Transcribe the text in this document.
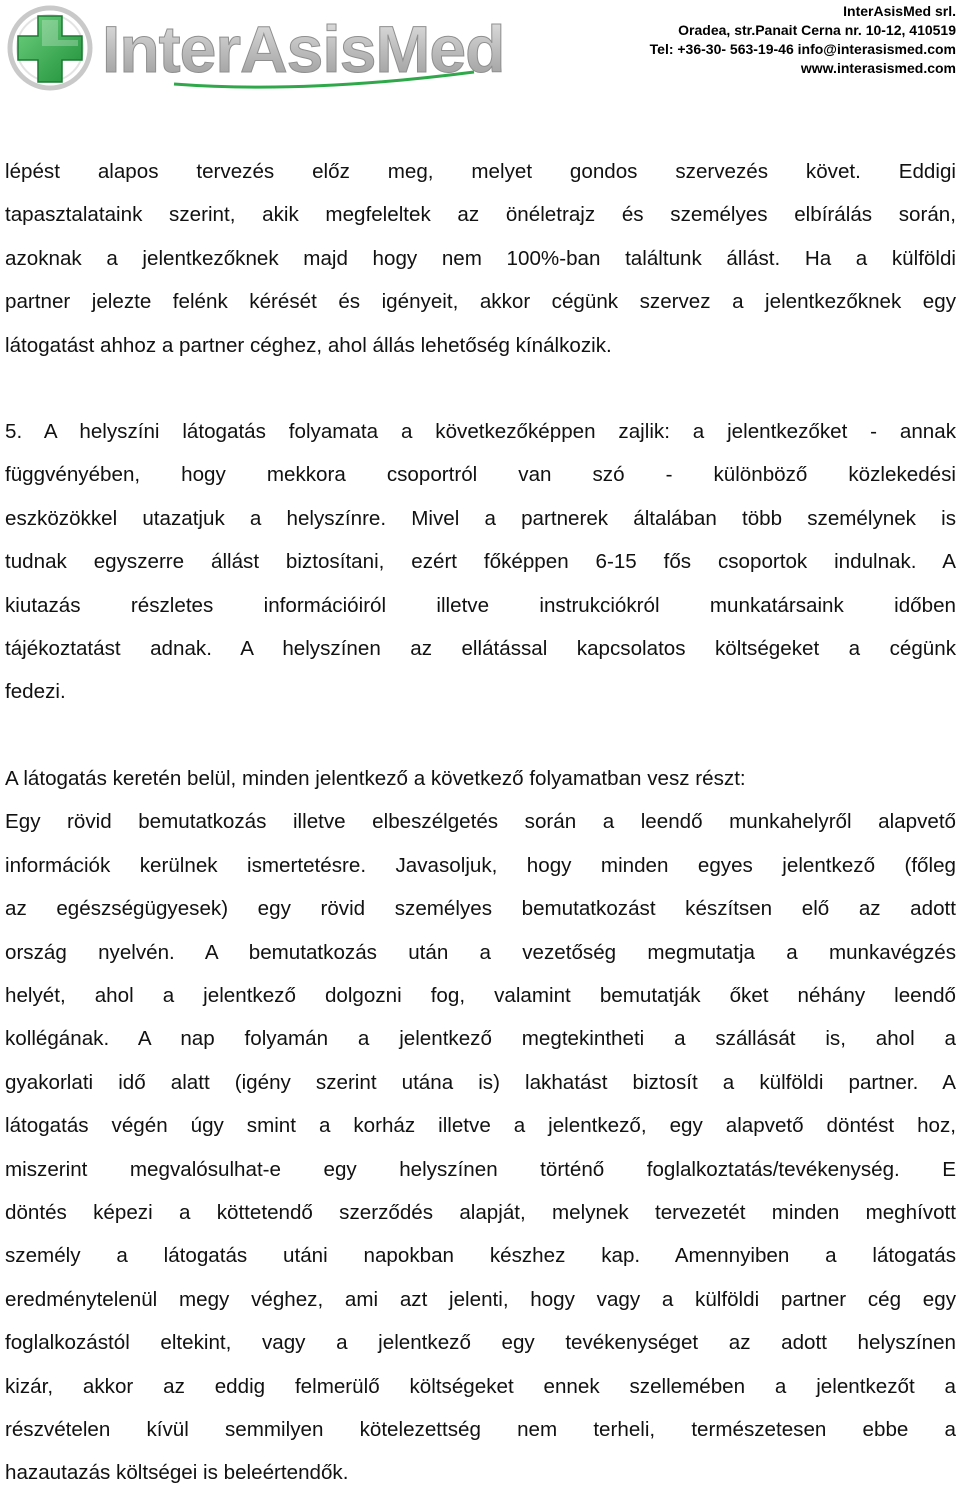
InterAsisMed
InterAsisMed srl.
Oradea, str.Panait Cerna nr. 10-12, 410519
Tel: +36-30- 563-19-46 info@interasismed.com
www.interasismed.com

lépést alapos tervezés előz meg, melyet gondos szervezés követ. Eddigi
tapasztalataink szerint, akik megfeleltek az önéletrajz és személyes elbírálás során,
azoknak a jelentkezőknek majd hogy nem 100%-ban találtunk állást. Ha a külföldi
partner jelezte felénk kérését és igényeit, akkor cégünk szervez a jelentkezőknek egy
látogatást ahhoz a partner céghez, ahol állás lehetőség kínálkozik.

5. A helyszíni látogatás folyamata a következőképpen zajlik: a jelentkezőket - annak
függvényében, hogy mekkora csoportról van szó - különböző közlekedési
eszközökkel utazatjuk a helyszínre. Mivel a partnerek általában több személynek is
tudnak egyszerre állást biztosítani, ezért főképpen 6-15 fős csoportok indulnak. A
kiutazás részletes információiról illetve instrukciókról munkatársaink időben
tájékoztatást adnak. A helyszínen az ellátással kapcsolatos költségeket a cégünk
fedezi.

A látogatás keretén belül, minden jelentkező a következő folyamatban vesz részt:
Egy rövid bemutatkozás illetve elbeszélgetés során a leendő munkahelyről alapvető
információk kerülnek ismertetésre. Javasoljuk, hogy minden egyes jelentkező (főleg
az egészségügyesek) egy rövid személyes bemutatkozást készítsen elő az adott
ország nyelvén. A bemutatkozás után a vezetőség megmutatja a munkavégzés
helyét, ahol a jelentkező dolgozni fog, valamint bemutatják őket néhány leendő
kollégának. A nap folyamán a jelentkező megtekintheti a szállását is, ahol a
gyakorlati idő alatt (igény szerint utána is) lakhatást biztosít a külföldi partner. A
látogatás végén úgy smint a korház illetve a jelentkező, egy alapvető döntést hoz,
miszerint megvalósulhat-e egy helyszínen történő foglalkoztatás/tevékenység. E
döntés képezi a köttetendő szerződés alapját, melynek tervezetét minden meghívott
személy a látogatás utáni napokban készhez kap. Amennyiben a látogatás
eredménytelenül megy véghez, ami azt jelenti, hogy vagy a külföldi partner cég egy
foglalkozástól eltekint, vagy a jelentkező egy tevékenységet az adott helyszínen
kizár, akkor az eddig felmerülő költségeket ennek szellemében a jelentkezőt a
részvételen kívül semmilyen kötelezettség nem terheli, természetesen ebbe a
hazautazás költségei is beleértendők.
